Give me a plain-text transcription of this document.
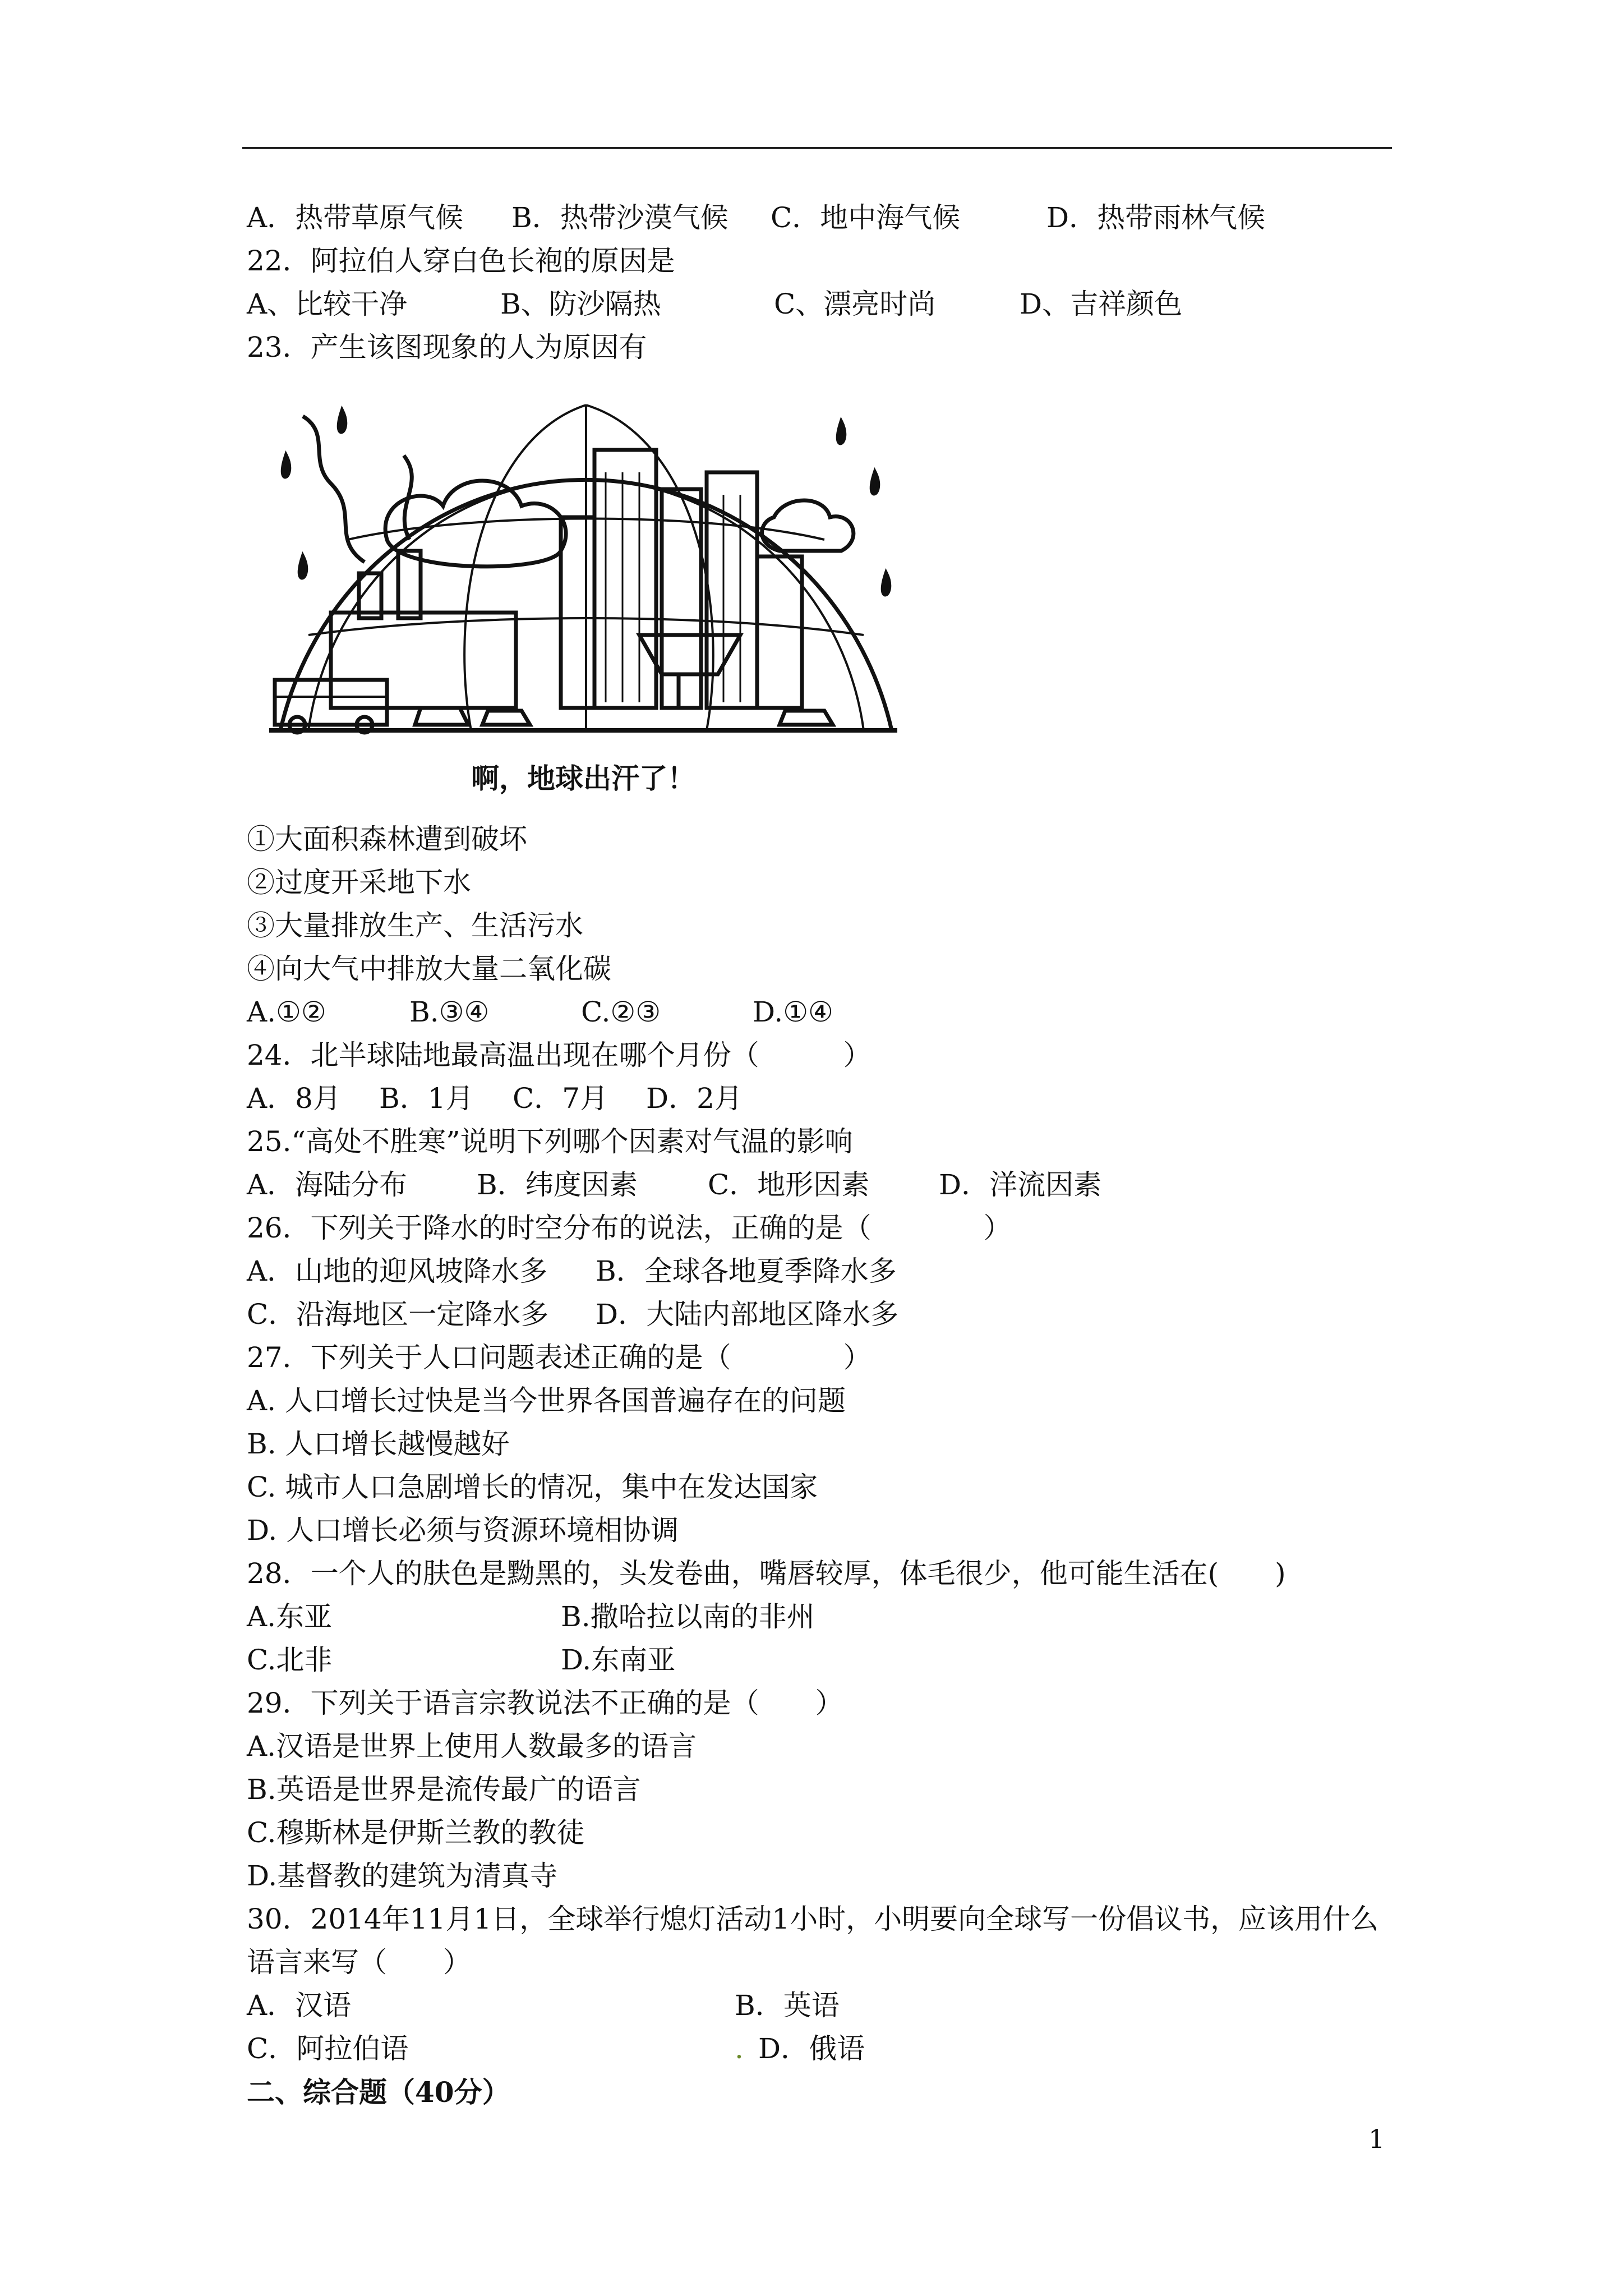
A．热带草原气候	B．热带沙漠气候	C．地中海气候	D．热带雨林气候
22．阿拉伯人穿白色长袍的原因是
A、比较干净	B、防沙隔热	C、漂亮时尚	D、吉祥颜色
23．产生该图现象的人为原因有
啊，地球出汗了！
①大面积森林遭到破坏
②过度开采地下水
③大量排放生产、生活污水
④向大气中排放大量二氧化碳
A.①②	B.③④	C.②③	D.①④
24．北半球陆地最高温出现在哪个月份（　　　）
A．8月	B．1月	C．7月	D．2月
25.“高处不胜寒”说明下列哪个因素对气温的影响
A．海陆分布	B．纬度因素	C．地形因素	D．洋流因素
26．下列关于降水的时空分布的说法，正确的是（　　　　）
A．山地的迎风坡降水多	B．全球各地夏季降水多
C．沿海地区一定降水多	D．大陆内部地区降水多
27．下列关于人口问题表述正确的是（　　　　）
A. 人口增长过快是当今世界各国普遍存在的问题
B. 人口增长越慢越好
C. 城市人口急剧增长的情况，集中在发达国家
D. 人口增长必须与资源环境相协调
28．一个人的肤色是黝黑的，头发卷曲，嘴唇较厚，体毛很少，他可能生活在(　　)
A.东亚	B.撒哈拉以南的非州
C.北非	D.东南亚
29．下列关于语言宗教说法不正确的是（　　）
A.汉语是世界上使用人数最多的语言
B.英语是世界是流传最广的语言
C.穆斯林是伊斯兰教的教徒
D.基督教的建筑为清真寺
30．2014年11月1日，全球举行熄灯活动1小时，小明要向全球写一份倡议书，应该用什么语言来写（　　）
A．汉语	B．英语
C．阿拉伯语	. D．俄语
二、综合题（40分）
1
